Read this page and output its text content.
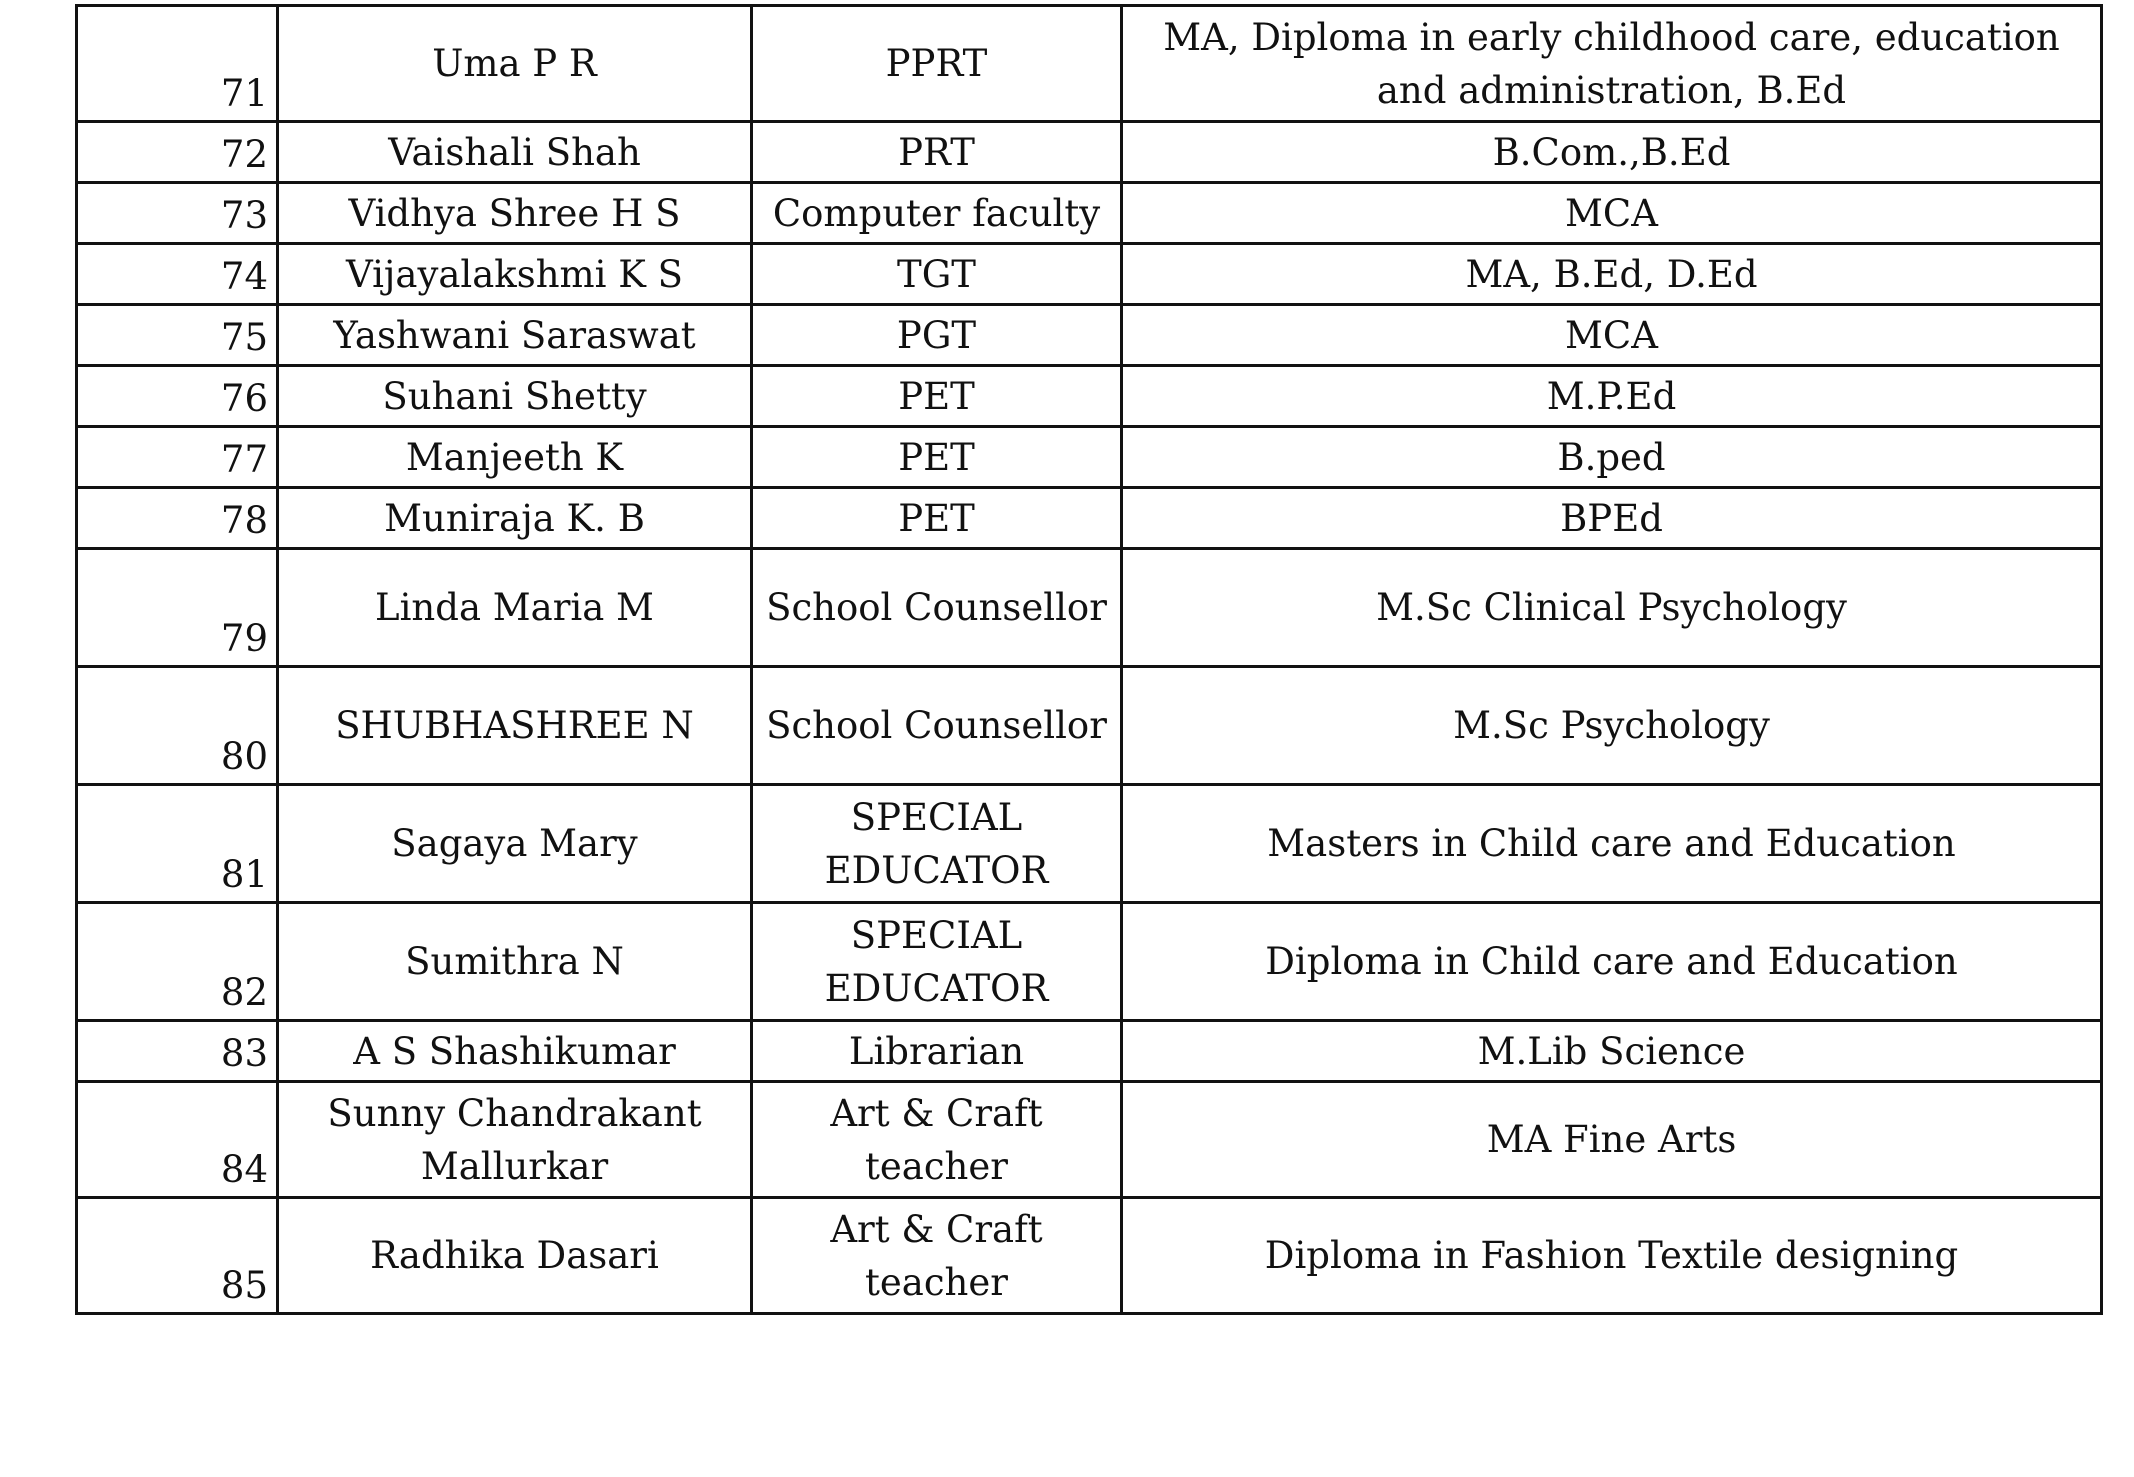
71	Uma P R	PPRT	MA, Diploma in early childhood care, education and administration, B.Ed
72	Vaishali Shah	PRT	B.Com.,B.Ed
73	Vidhya Shree H S	Computer faculty	MCA
74	Vijayalakshmi K S	TGT	MA, B.Ed, D.Ed
75	Yashwani Saraswat	PGT	MCA
76	Suhani Shetty	PET	M.P.Ed
77	Manjeeth K	PET	B.ped
78	Muniraja K. B	PET	BPEd
79	Linda Maria M	School Counsellor	M.Sc Clinical Psychology
80	SHUBHASHREE N	School Counsellor	M.Sc Psychology
81	Sagaya Mary	SPECIAL EDUCATOR	Masters in Child care and Education
82	Sumithra N	SPECIAL EDUCATOR	Diploma in Child care and Education
83	A S Shashikumar	Librarian	M.Lib Science
84	Sunny Chandrakant Mallurkar	Art & Craft teacher	MA Fine Arts
85	Radhika Dasari	Art & Craft teacher	Diploma in Fashion Textile designing
